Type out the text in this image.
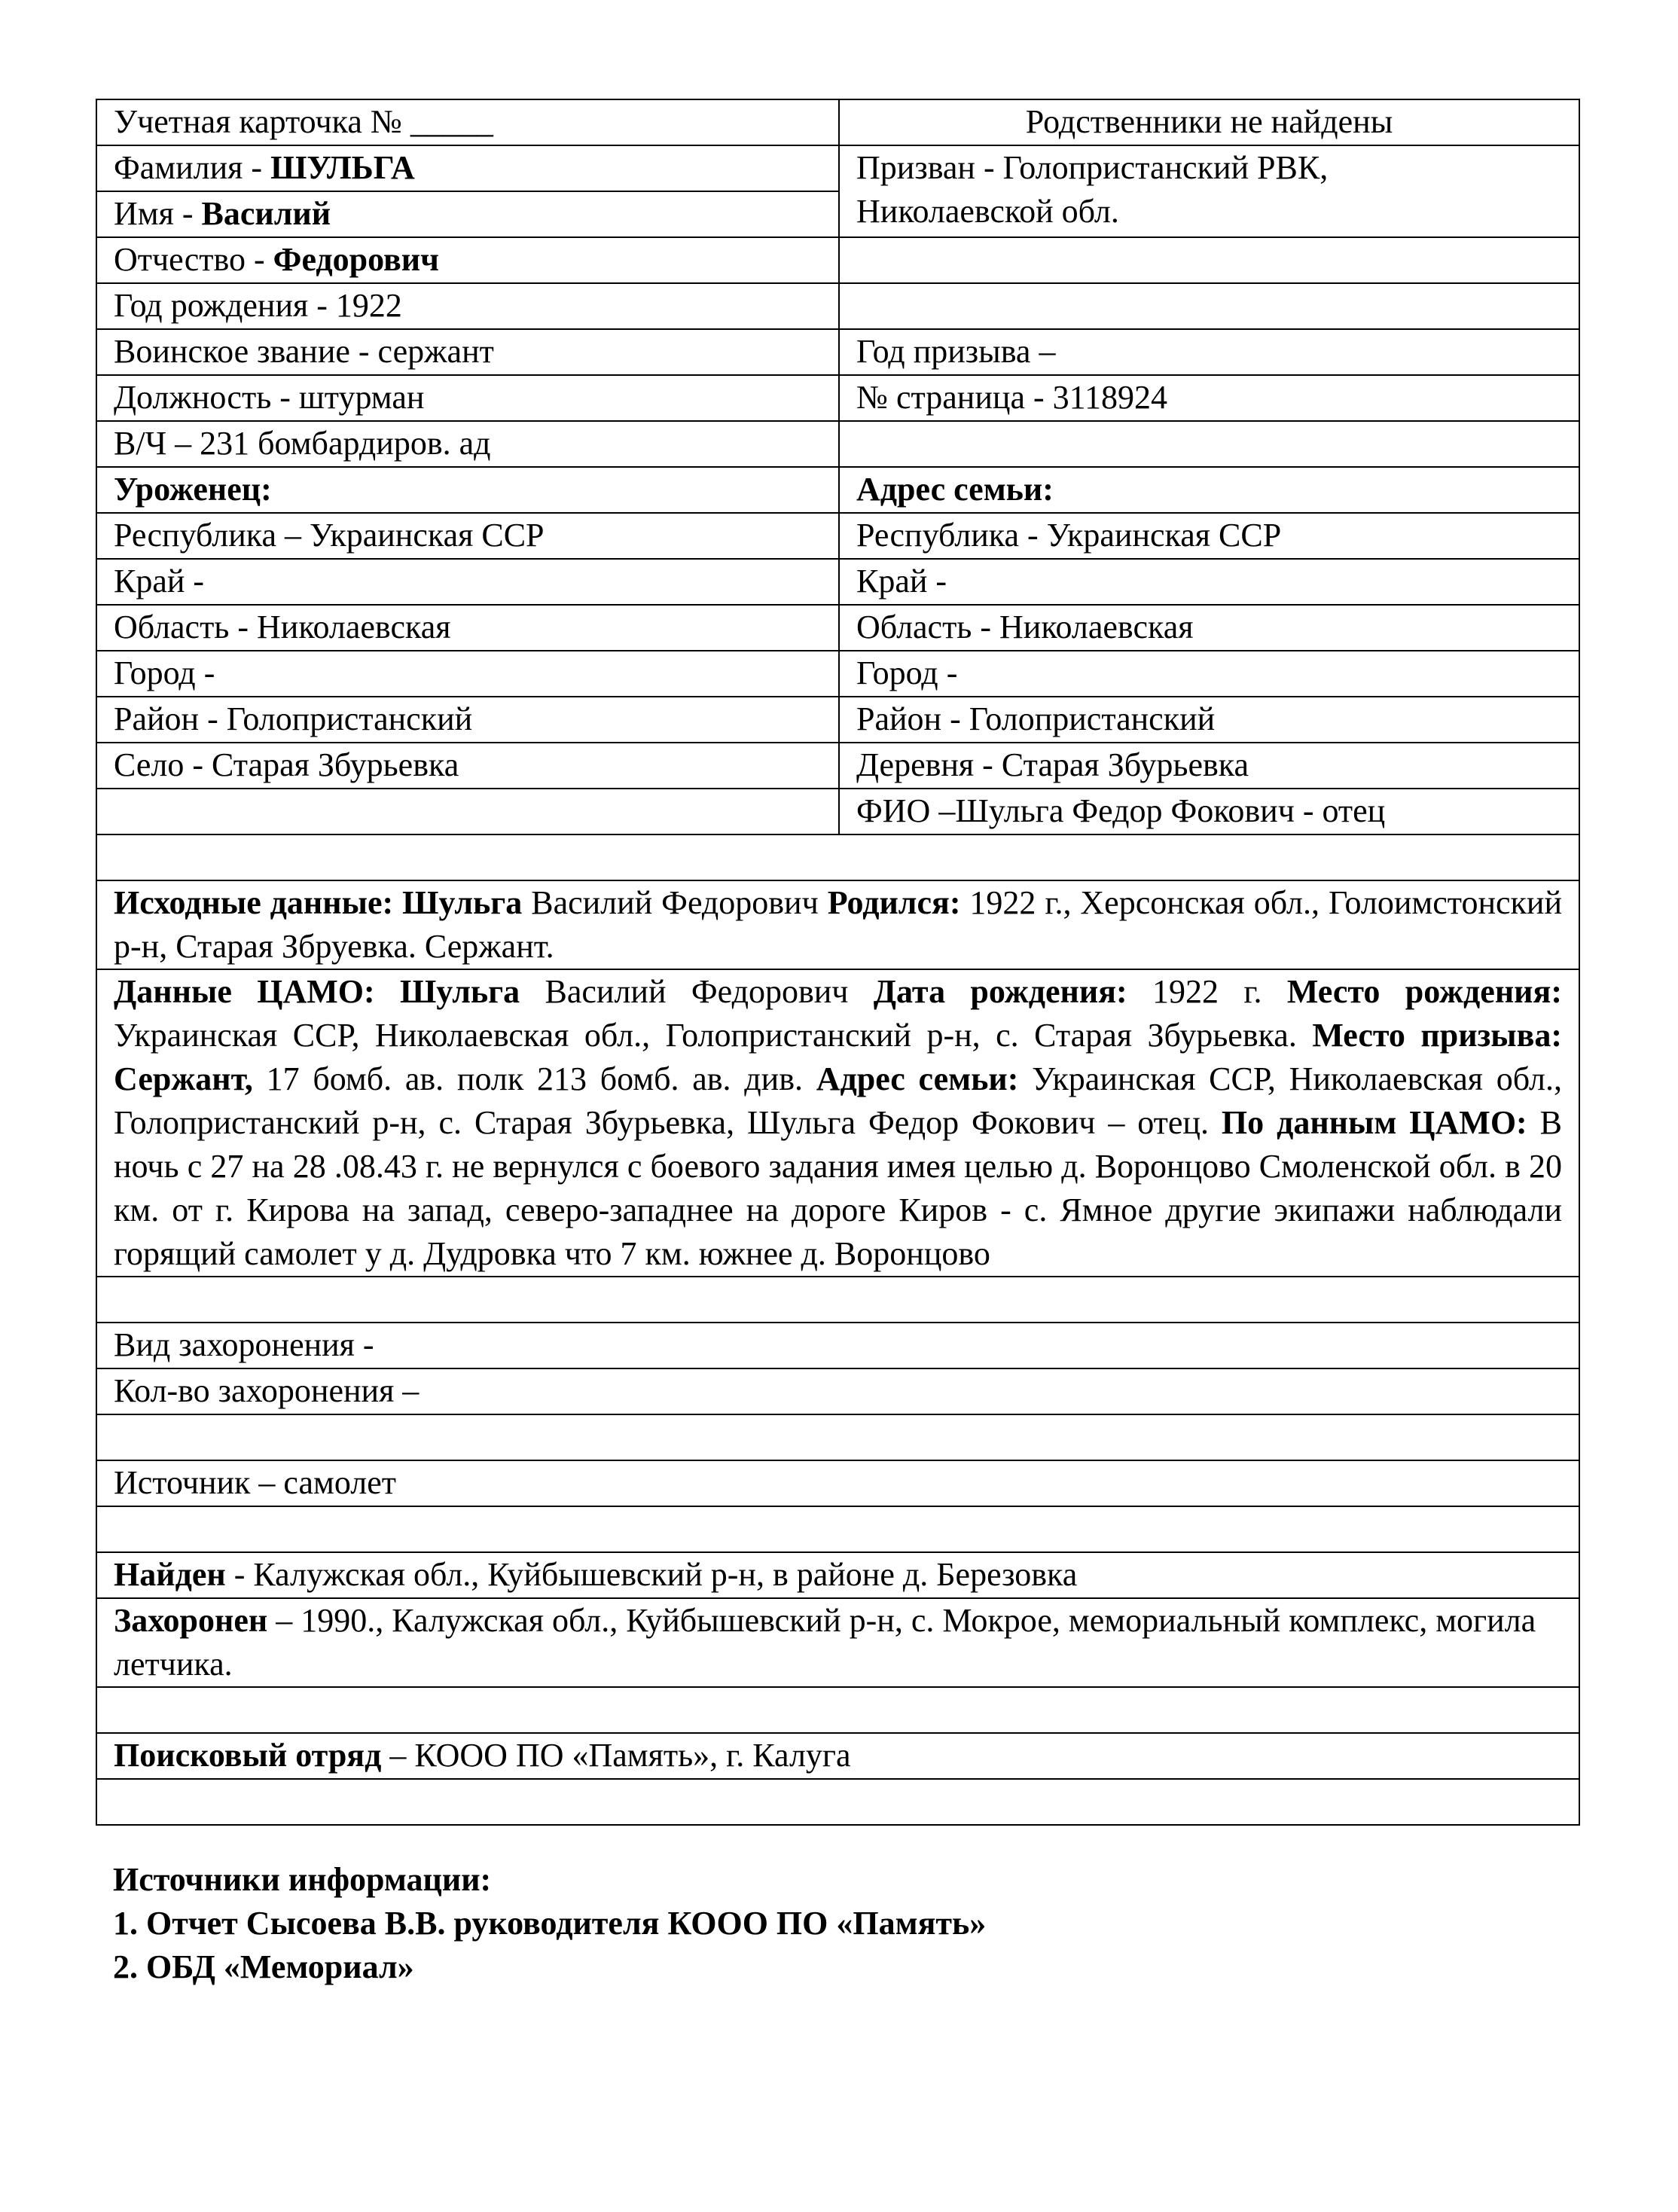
Учетная карточка № _____	Родственники не найдены
Фамилия - ШУЛЬГА	Призван - Голопристанский РВК,
Николаевской обл.

Имя - Василий	
Отчество - Федорович	
Год рождения - 1922	
Воинское звание - сержант	Год призыва –
Должность - штурман	№ страница - 3118924
В/Ч – 231 бомбардиров. ад	
Уроженец:	Адрес семьи:
Республика – Украинская ССР	Республика - Украинская ССР
Край -	Край -
Область - Николаевская	Область - Николаевская
Город -	Город -
Район - Голопристанский	Район - Голопристанский
Село - Старая Збурьевка	Деревня - Старая Збурьевка
	ФИО –Шульга Федор Фокович - отец

Исходные данные: Шульга Василий Федорович Родился: 1922 г., Херсонская обл., Голоимстонский р-н, Старая Збруевка. Сержант.	
Данные ЦАМО: Шульга Василий Федорович Дата рождения: 1922 г. Место рождения: Украинская ССР, Николаевская обл., Голопристанский р-н, с. Старая Збурьевка. Место призыва: Сержант, 17 бомб. ав. полк 213 бомб. ав. див. Адрес семьи: Украинская ССР, Николаевская обл., Голопристанский р-н, с. Старая Збурьевка, Шульга Федор Фокович – отец. По данным ЦАМО: В ночь с 27 на 28 .08.43 г. не вернулся с боевого задания имея целью д. Воронцово Смоленской обл. в 20 км. от г. Кирова на запад, северо-западнее на дороге Киров - с. Ямное другие экипажи наблюдали горящий самолет у д. Дудровка что 7 км. южнее д. Воронцово	

Вид захоронения -	
Кол-во захоронения –	

Источник – самолет	

Найден - Калужская обл., Куйбышевский р-н, в районе д. Березовка	
Захоронен – 1990., Калужская обл., Куйбышевский р-н, с. Мокрое, мемориальный комплекс, могила летчика.	

Поисковый отряд – КООО ПО «Память», г. Калуга	

Источники информации:
1. Отчет Сысоева В.В. руководителя КООО ПО «Память»
2. ОБД «Мемориал»
